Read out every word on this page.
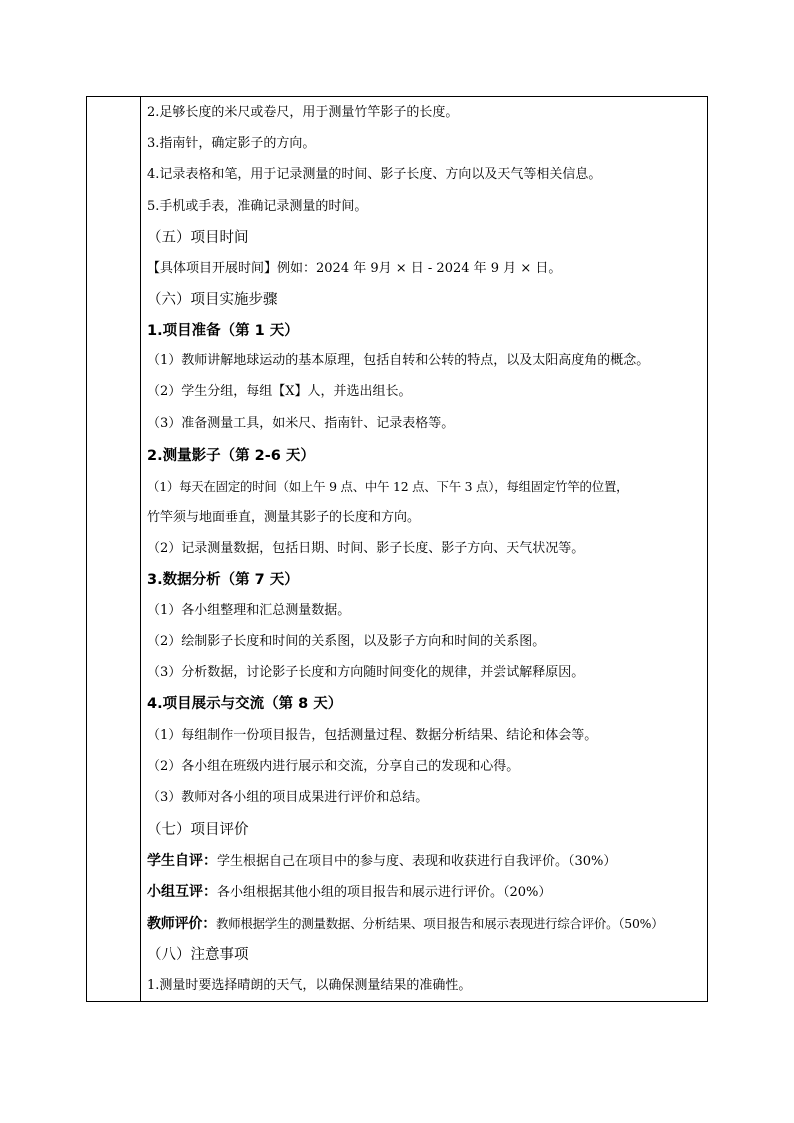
2.足够长度的米尺或卷尺，用于测量竹竿影子的长度。
3.指南针，确定影子的方向。
4.记录表格和笔，用于记录测量的时间、影子长度、方向以及天气等相关信息。
5.手机或手表，准确记录测量的时间。
（五）项目时间
【具体项目开展时间】例如：2024 年 9月 × 日 - 2024 年 9 月 × 日。
（六）项目实施步骤
1.项目准备（第 1 天）
（1）教师讲解地球运动的基本原理，包括自转和公转的特点，以及太阳高度角的概念。
（2）学生分组，每组【X】人，并选出组长。
（3）准备测量工具，如米尺、指南针、记录表格等。
2.测量影子（第 2-6 天）
（1）每天在固定的时间（如上午 9 点、中午 12 点、下午 3 点），每组固定竹竿的位置，
竹竿须与地面垂直，测量其影子的长度和方向。
（2）记录测量数据，包括日期、时间、影子长度、影子方向、天气状况等。
3.数据分析（第 7 天）
（1）各小组整理和汇总测量数据。
（2）绘制影子长度和时间的关系图，以及影子方向和时间的关系图。
（3）分析数据，讨论影子长度和方向随时间变化的规律，并尝试解释原因。
4.项目展示与交流（第 8 天）
（1）每组制作一份项目报告，包括测量过程、数据分析结果、结论和体会等。
（2）各小组在班级内进行展示和交流，分享自己的发现和心得。
（3）教师对各小组的项目成果进行评价和总结。
（七）项目评价
学生自评：学生根据自己在项目中的参与度、表现和收获进行自我评价。（30%）
小组互评：各小组根据其他小组的项目报告和展示进行评价。（20%）
教师评价：教师根据学生的测量数据、分析结果、项目报告和展示表现进行综合评价。（50%）
（八）注意事项
1.测量时要选择晴朗的天气，以确保测量结果的准确性。
